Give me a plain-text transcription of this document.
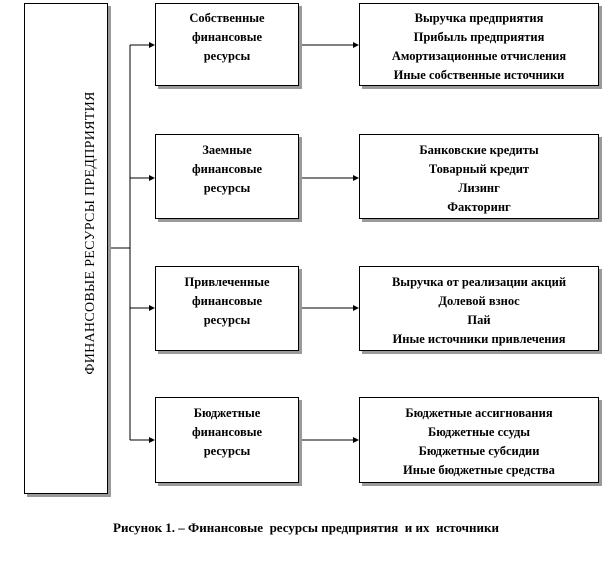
ФИНАНСОВЫЕ РЕСУРСЫ ПРЕДПРИЯТИЯ
Собственные
финансовые
ресурсы
Выручка предприятия
Прибыль предприятия
Амортизационные отчисления
Иные собственные источники
Заемные
финансовые
ресурсы
Банковские кредиты
Товарный кредит
Лизинг
Факторинг
Привлеченные
финансовые
ресурсы
Выручка от реализации акций
Долевой взнос
Пай
Иные источники привлечения
Бюджетные
финансовые
ресурсы
Бюджетные ассигнования
Бюджетные ссуды
Бюджетные субсидии
Иные бюджетные средства
Рисунок 1. – Финансовые  ресурсы предприятия  и их  источники
